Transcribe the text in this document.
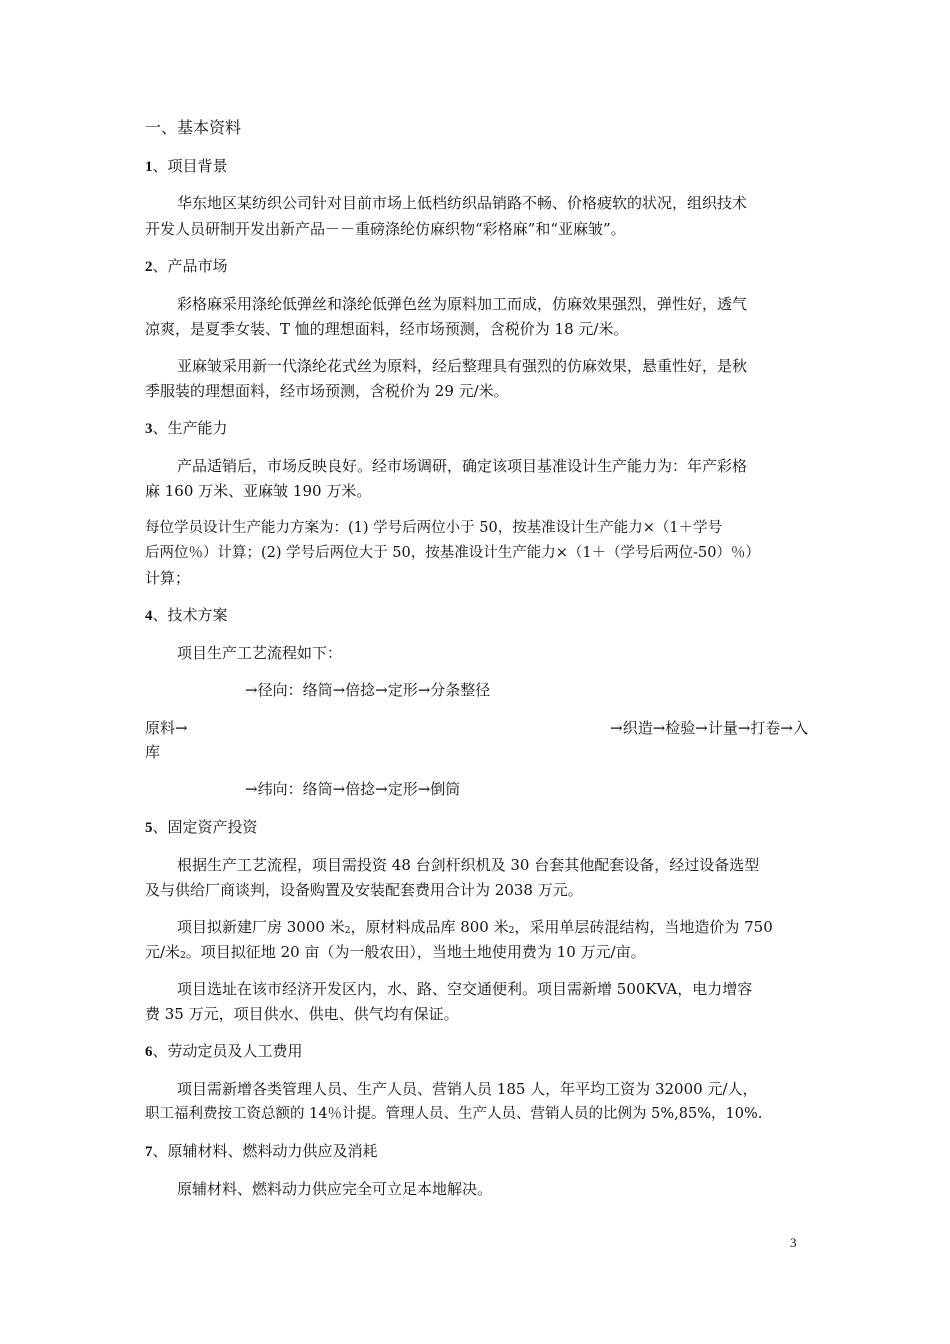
一、基本资料
1、项目背景
华东地区某纺织公司针对目前市场上低档纺织品销路不畅、价格疲软的状况，组织技术
开发人员研制开发出新产品－－重磅涤纶仿麻织物“彩格麻”和“亚麻皱”。
2、产品市场
彩格麻采用涤纶低弹丝和涤纶低弹色丝为原料加工而成，仿麻效果强烈，弹性好，透气
凉爽，是夏季女装、T 恤的理想面料，经市场预测，含税价为 18 元/米。
亚麻皱采用新一代涤纶花式丝为原料，经后整理具有强烈的仿麻效果，悬重性好，是秋
季服装的理想面料，经市场预测，含税价为 29 元/米。
3、生产能力
产品适销后，市场反映良好。经市场调研，确定该项目基准设计生产能力为：年产彩格
麻 160 万米、亚麻皱 190 万米。
每位学员设计生产能力方案为：(1) 学号后两位小于 50，按基准设计生产能力×（1＋学号
后两位％）计算；(2) 学号后两位大于 50，按基准设计生产能力×（1＋（学号后两位-50）％）
计算；
4、技术方案
项目生产工艺流程如下：
→径向：络筒→倍捻→定形→分条整径
原料→	→织造→检验→计量→打卷→入
库
→纬向：络筒→倍捻→定形→倒筒
5、固定资产投资
根据生产工艺流程，项目需投资 48 台剑杆织机及 30 台套其他配套设备，经过设备选型
及与供给厂商谈判，设备购置及安装配套费用合计为 2038 万元。
项目拟新建厂房 3000 米$_2$，原材料成品库 800 米$_2$，采用单层砖混结构，当地造价为 750
元/米$_2$。项目拟征地 20 亩（为一般农田），当地土地使用费为 10 万元/亩。
项目选址在该市经济开发区内，水、路、空交通便利。项目需新增 500KVA，电力增容
费 35 万元，项目供水、供电、供气均有保证。
6、劳动定员及人工费用
项目需新增各类管理人员、生产人员、营销人员 185 人，年平均工资为 32000 元/人，
职工福利费按工资总额的 14％计提。管理人员、生产人员、营销人员的比例为 5%,85%，10%.
7、原辅材料、燃料动力供应及消耗
原辅材料、燃料动力供应完全可立足本地解决。
3
